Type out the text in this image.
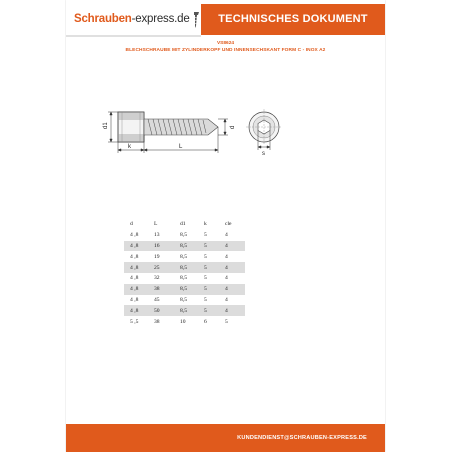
Schrauben-express.de	TECHNISCHES DOKUMENT
VS8624
BLECHSCHRAUBE MIT ZYLINDERKOPF UND INNENSECHSKANT FORM C - INOX A2
d1	d
k	L
s
d	L	d1	k	cle
4 ,8	13	8,5	5	4
4 ,8	16	8,5	5	4
4 ,8	19	8,5	5	4
4 ,8	25	8,5	5	4
4 ,8	32	8,5	5	4
4 ,8	38	8,5	5	4
4 ,8	45	8,5	5	4
4 ,8	50	8,5	5	4
5 ,5	38	10	6	5
KUNDENDIENST@SCHRAUBEN-EXPRESS.DE
